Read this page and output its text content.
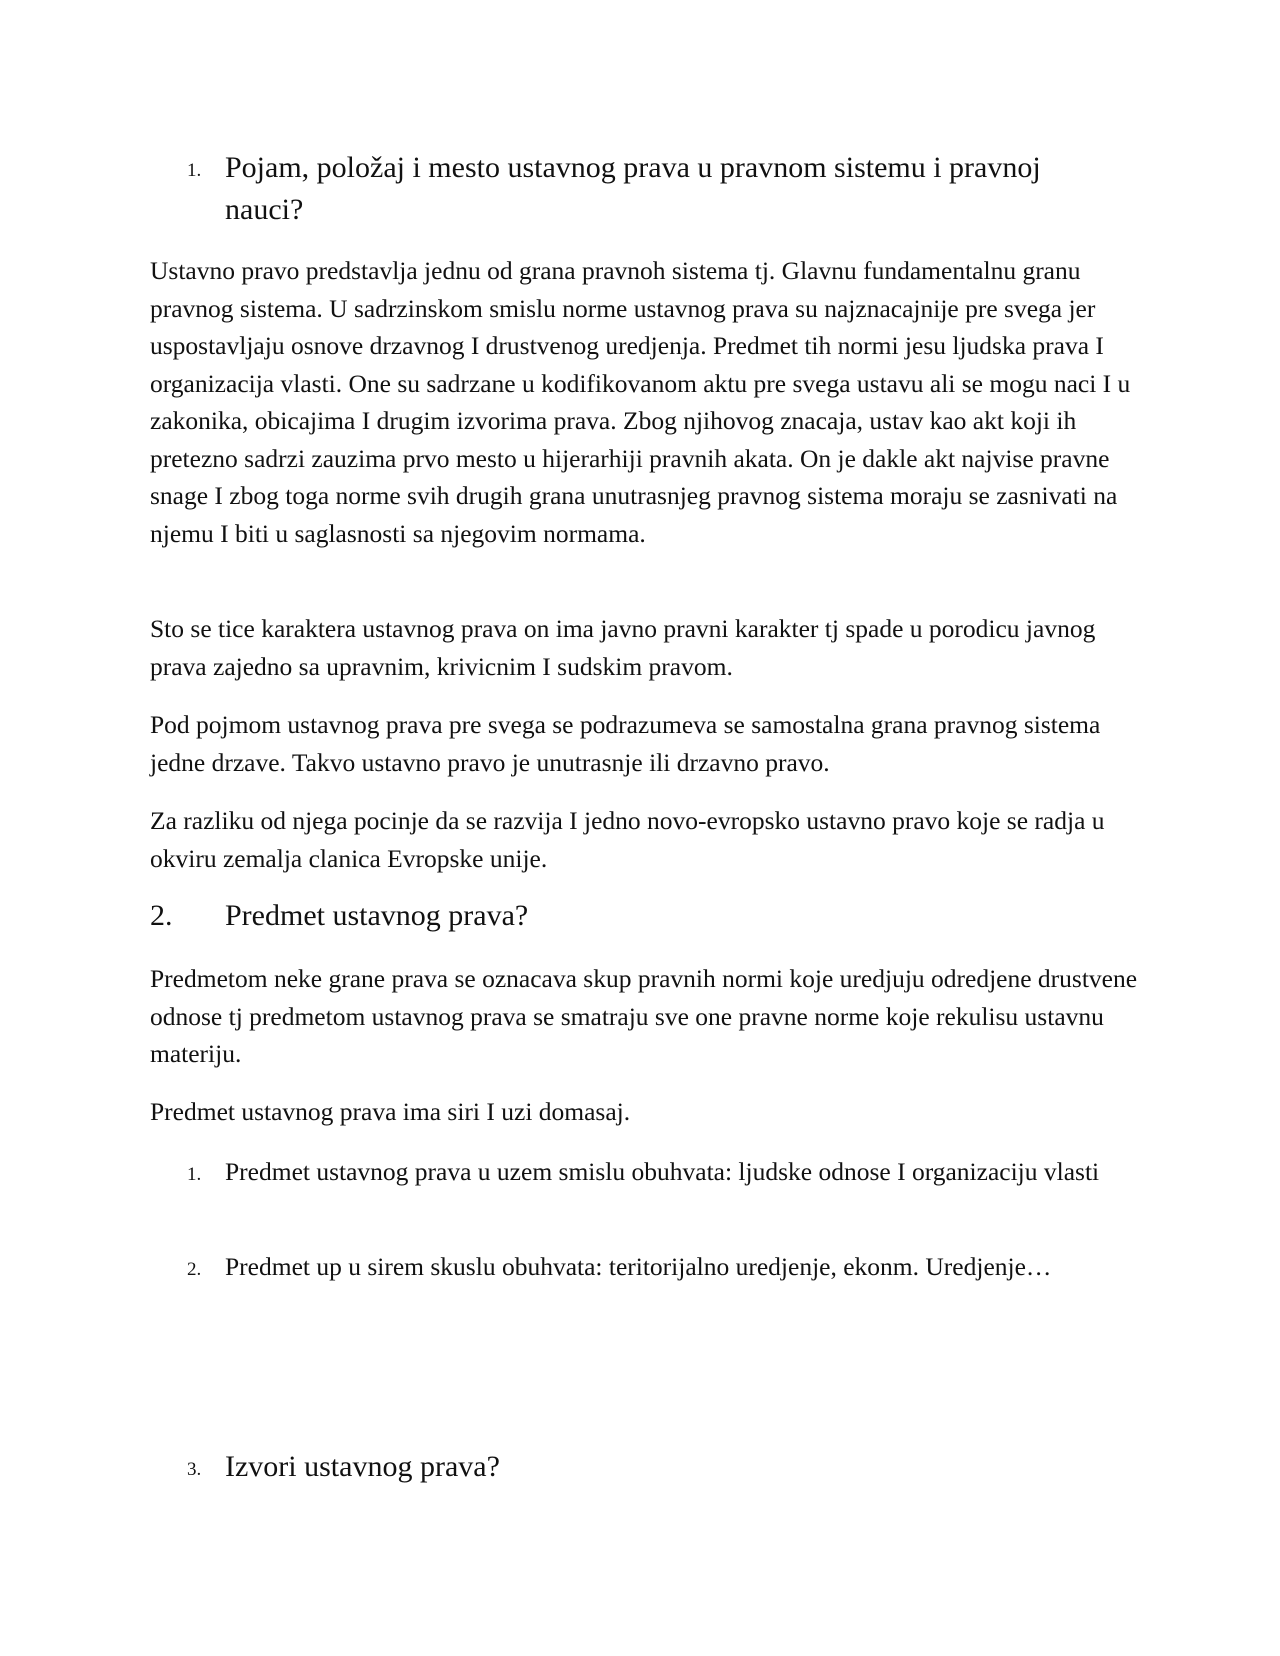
1. Pojam, položaj i mesto ustavnog prava u pravnom sistemu i pravnoj nauci?

Ustavno pravo predstavlja jednu od grana pravnoh sistema tj. Glavnu fundamentalnu granu pravnog sistema. U sadrzinskom smislu norme ustavnog prava su najznacajnije pre svega jer uspostavljaju osnove drzavnog I drustvenog uredjenja. Predmet tih normi jesu ljudska prava I organizacija vlasti. One su sadrzane u kodifikovanom aktu pre svega ustavu ali se mogu naci I u zakonika, obicajima I drugim izvorima prava. Zbog njihovog znacaja, ustav kao akt koji ih pretezno sadrzi zauzima prvo mesto u hijerarhiji pravnih akata. On je dakle akt najvise pravne snage I zbog toga norme svih drugih grana unutrasnjeg pravnog sistema moraju se zasnivati na njemu I biti u saglasnosti sa njegovim normama.

Sto se tice karaktera ustavnog prava on ima javno pravni karakter tj spade u porodicu javnog prava zajedno sa upravnim, krivicnim I sudskim pravom.

Pod pojmom ustavnog prava pre svega se podrazumeva se samostalna grana pravnog sistema jedne drzave. Takvo ustavno pravo je unutrasnje ili drzavno pravo.

Za razliku od njega pocinje da se razvija I jedno novo-evropsko ustavno pravo koje se radja u okviru zemalja clanica Evropske unije.

2. Predmet ustavnog prava?

Predmetom neke grane prava se oznacava skup pravnih normi koje uredjuju odredjene drustvene odnose tj predmetom ustavnog prava se smatraju sve one pravne norme koje rekulisu ustavnu materiju.

Predmet ustavnog prava ima siri I uzi domasaj.

1. Predmet ustavnog prava u uzem smislu obuhvata: ljudske odnose I organizaciju vlasti
2. Predmet up u sirem skuslu obuhvata: teritorijalno uredjenje, ekonm. Uredjenje…
3. Izvori ustavnog prava?
